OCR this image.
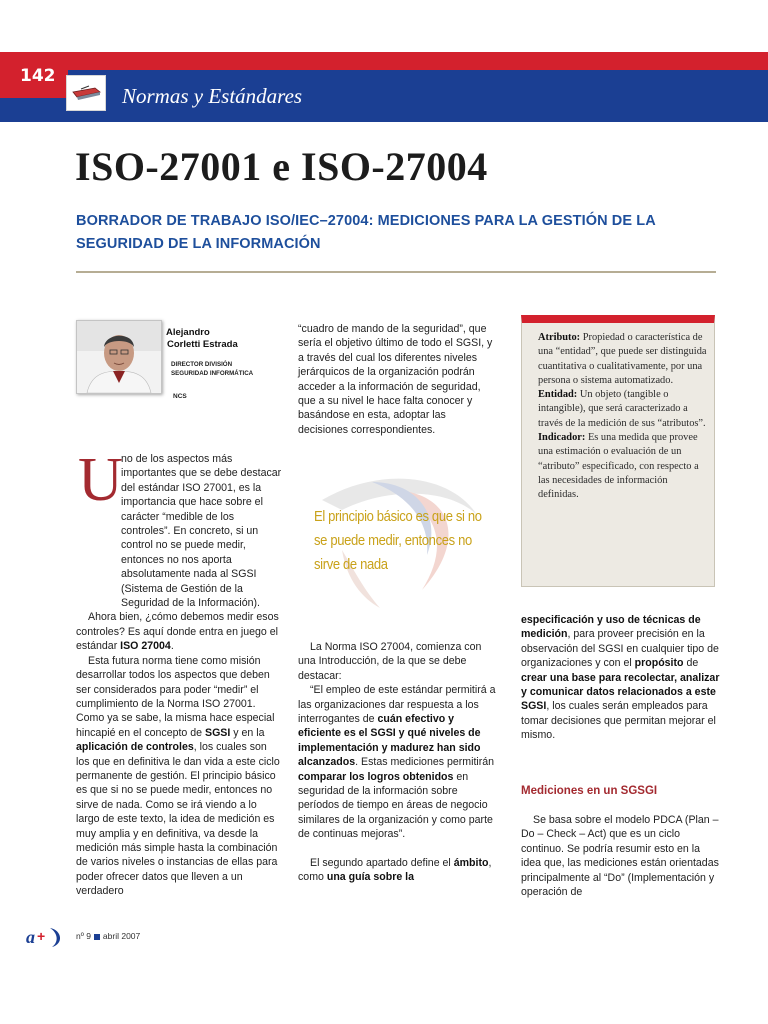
142
Normas y Estándares
ISO-27001 e ISO-27004
BORRADOR DE TRABAJO ISO/IEC–27004: MEDICIONES PARA LA GESTIÓN DE LA SEGURIDAD DE LA INFORMACIÓN
Alejandro
Corletti Estrada
DIRECTOR DIVISIÓN
SEGURIDAD INFORMÁTICA
NCS
U

no de los aspectos más importantes que se debe destacar del estándar ISO 27001, es la importancia que hace sobre el carácter “medible de los controles”. En concreto, si un control no se puede medir, entonces no nos aporta absolutamente nada al SGSI (Sistema de Gestión de la Seguridad de la Información).

Ahora bien, ¿cómo debemos medir esos controles? Es aquí donde entra en juego el estándar ISO 27004.

Esta futura norma tiene como misión desarrollar todos los aspectos que deben ser considerados para poder “medir” el cumplimiento de la Norma ISO 27001. Como ya se sabe, la misma hace especial hincapié en el concepto de SGSI y en la aplicación de controles, los cuales son los que en definitiva le dan vida a este ciclo permanente de gestión. El principio básico es que si no se puede medir, entonces no sirve de nada. Como se irá viendo a lo largo de este texto, la idea de medición es muy amplia y en definitiva, va desde la medición más simple hasta la combinación de varios niveles o instancias de ellas para poder ofrecer datos que lleven a un verdadero

“cuadro de mando de la seguridad”, que sería el objetivo último de todo el SGSI, y a través del cual los diferentes niveles jerárquicos de la organización podrán acceder a la información de seguridad, que a su nivel le hace falta conocer y basándose en esta, adoptar las decisiones correspondientes.

El principio básico es que si no se puede medir, entonces no sirve de nada

La Norma ISO 27004, comienza con una Introducción, de la que se debe destacar:

“El empleo de este estándar permitirá a las organizaciones dar respuesta a los interrogantes de cuán efectivo y eficiente es el SGSI y qué niveles de implementación y madurez han sido alcanzados. Estas mediciones permitirán comparar los logros obtenidos en seguridad de la información sobre períodos de tiempo en áreas de negocio similares de la organización y como parte de continuas mejoras”.

El segundo apartado define el ámbito, como una guía sobre la

Atributo: Propiedad o característica de una “entidad”, que puede ser distinguida cuantitativa o cualitativamente, por una persona o sistema automatizado.

Entidad: Un objeto (tangible o intangible), que será caracterizado a través de la medición de sus “atributos”.

Indicador: Es una medida que provee una estimación o evaluación de un “atributo” especificado, con respecto a las necesidades de información definidas.

especificación y uso de técnicas de medición, para proveer precisión en la observación del SGSI en cualquier tipo de organizaciones y con el propósito de crear una base para recolectar, analizar y comunicar datos relacionados a este SGSI, los cuales serán empleados para tomar decisiones que permitan mejorar el mismo.

Mediciones en un SGSGI

Se basa sobre el modelo PDCA (Plan – Do – Check – Act) que es un ciclo continuo. Se podría resumir esto en la idea que, las mediciones están orientadas principalmente al “Do” (Implementación y operación de

a +	nº 9 abril 2007
